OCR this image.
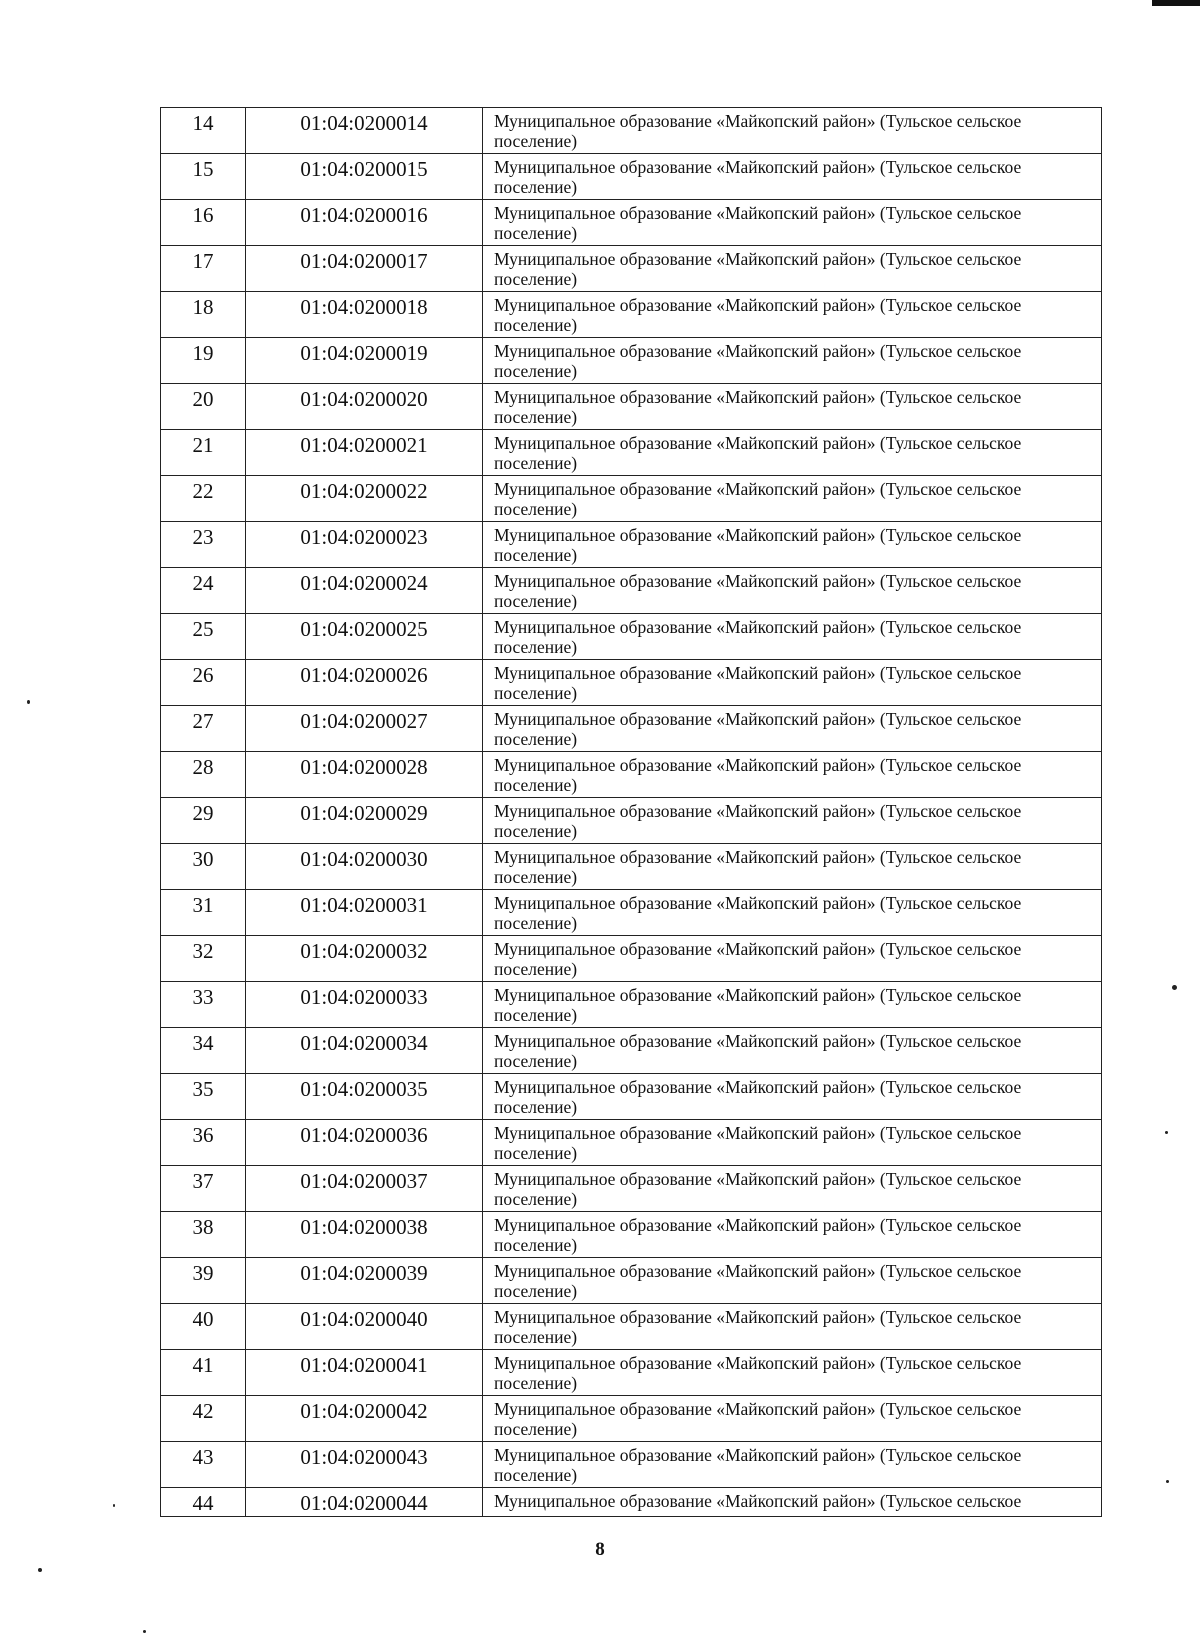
14	01:04:0200014	Муниципальное образование «Майкопский район» (Тульское сельское поселение)
15	01:04:0200015	Муниципальное образование «Майкопский район» (Тульское сельское поселение)
16	01:04:0200016	Муниципальное образование «Майкопский район» (Тульское сельское поселение)
17	01:04:0200017	Муниципальное образование «Майкопский район» (Тульское сельское поселение)
18	01:04:0200018	Муниципальное образование «Майкопский район» (Тульское сельское поселение)
19	01:04:0200019	Муниципальное образование «Майкопский район» (Тульское сельское поселение)
20	01:04:0200020	Муниципальное образование «Майкопский район» (Тульское сельское поселение)
21	01:04:0200021	Муниципальное образование «Майкопский район» (Тульское сельское поселение)
22	01:04:0200022	Муниципальное образование «Майкопский район» (Тульское сельское поселение)
23	01:04:0200023	Муниципальное образование «Майкопский район» (Тульское сельское поселение)
24	01:04:0200024	Муниципальное образование «Майкопский район» (Тульское сельское поселение)
25	01:04:0200025	Муниципальное образование «Майкопский район» (Тульское сельское поселение)
26	01:04:0200026	Муниципальное образование «Майкопский район» (Тульское сельское поселение)
27	01:04:0200027	Муниципальное образование «Майкопский район» (Тульское сельское поселение)
28	01:04:0200028	Муниципальное образование «Майкопский район» (Тульское сельское поселение)
29	01:04:0200029	Муниципальное образование «Майкопский район» (Тульское сельское поселение)
30	01:04:0200030	Муниципальное образование «Майкопский район» (Тульское сельское поселение)
31	01:04:0200031	Муниципальное образование «Майкопский район» (Тульское сельское поселение)
32	01:04:0200032	Муниципальное образование «Майкопский район» (Тульское сельское поселение)
33	01:04:0200033	Муниципальное образование «Майкопский район» (Тульское сельское поселение)
34	01:04:0200034	Муниципальное образование «Майкопский район» (Тульское сельское поселение)
35	01:04:0200035	Муниципальное образование «Майкопский район» (Тульское сельское поселение)
36	01:04:0200036	Муниципальное образование «Майкопский район» (Тульское сельское поселение)
37	01:04:0200037	Муниципальное образование «Майкопский район» (Тульское сельское поселение)
38	01:04:0200038	Муниципальное образование «Майкопский район» (Тульское сельское поселение)
39	01:04:0200039	Муниципальное образование «Майкопский район» (Тульское сельское поселение)
40	01:04:0200040	Муниципальное образование «Майкопский район» (Тульское сельское поселение)
41	01:04:0200041	Муниципальное образование «Майкопский район» (Тульское сельское поселение)
42	01:04:0200042	Муниципальное образование «Майкопский район» (Тульское сельское поселение)
43	01:04:0200043	Муниципальное образование «Майкопский район» (Тульское сельское поселение)
44	01:04:0200044	Муниципальное образование «Майкопский район» (Тульское сельское
8
